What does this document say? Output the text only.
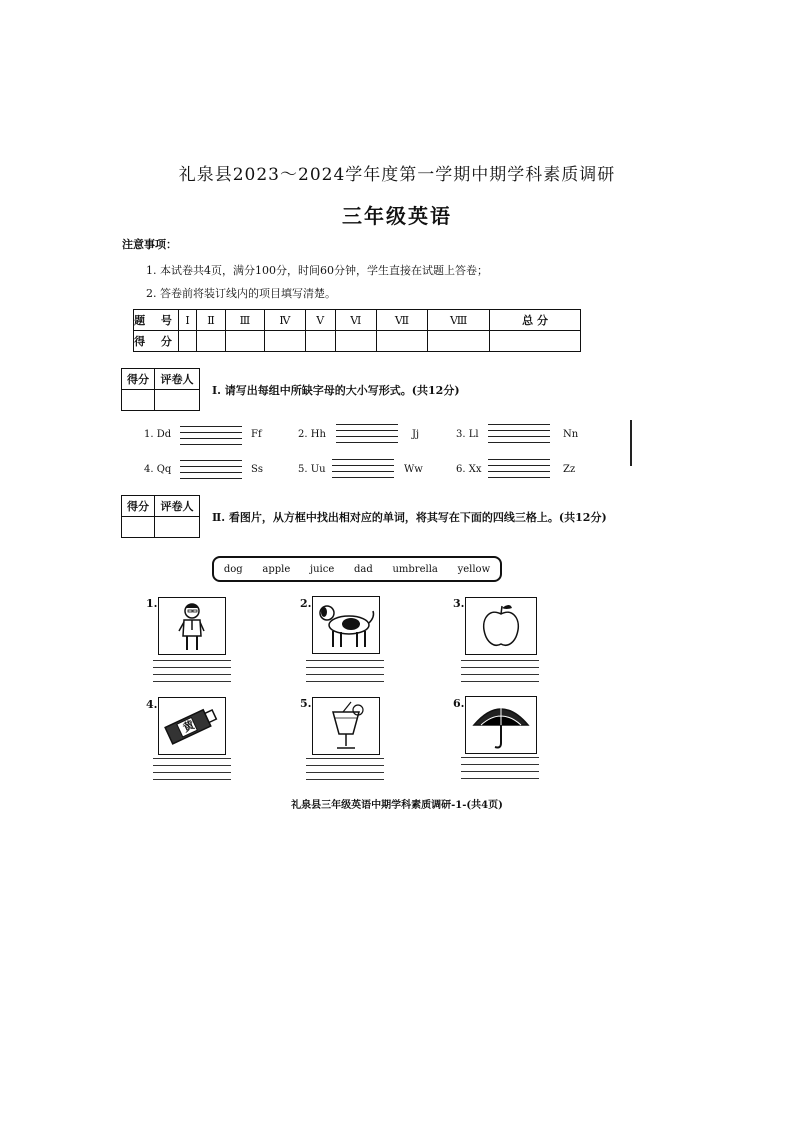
礼泉县2023～2024学年度第一学期中期学科素质调研
三年级英语
注意事项：
1. 本试卷共4页，满分100分，时间60分钟，学生直接在试题上答卷；
2. 答卷前将装订线内的项目填写清楚。
题 号	Ⅰ	Ⅱ	Ⅲ	Ⅳ	Ⅴ	Ⅵ	Ⅶ	Ⅷ	总 分
得 分									
得分	评卷人

Ⅰ. 请写出每组中所缺字母的大小写形式。(共12分)
1. Dd	Ff	2. Hh	Jj	3. Ll	Nn
4. Qq	Ss	5. Uu	Ww	6. Xx	Zz
得分	评卷人

Ⅱ. 看图片，从方框中找出相对应的单词，将其写在下面的四线三格上。(共12分)
dog apple juice dad umbrella yellow
1.	2.	3.
4.
黄
5.	6.
礼泉县三年级英语中期学科素质调研-1-(共4页)
